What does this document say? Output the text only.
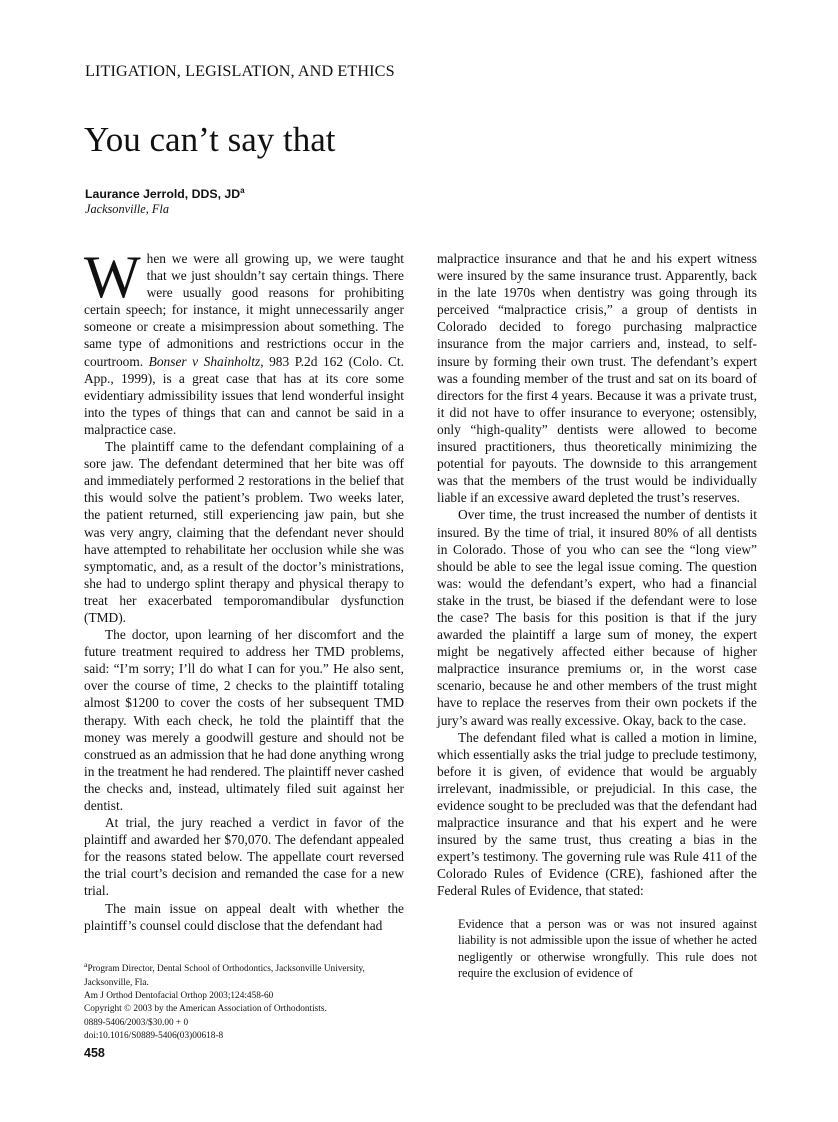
LITIGATION, LEGISLATION, AND ETHICS
You can’t say that
Laurance Jerrold, DDS, $JD^a$
Jacksonville, Fla

When we were all growing up, we were taught that we just shouldn’t say certain things. There were usually good reasons for prohibiting certain speech; for instance, it might unnecessarily anger someone or create a misimpression about something. The same type of admonitions and restrictions occur in the courtroom. Bonser v Shainholtz, 983 P.2d 162 (Colo. Ct. App., 1999), is a great case that has at its core some evidentiary admissibility issues that lend wonderful insight into the types of things that can and cannot be said in a malpractice case.

The plaintiff came to the defendant complaining of a sore jaw. The defendant determined that her bite was off and immediately performed 2 restorations in the belief that this would solve the patient’s problem. Two weeks later, the patient returned, still experiencing jaw pain, but she was very angry, claiming that the defendant never should have attempted to rehabilitate her occlusion while she was symptomatic, and, as a result of the doctor’s ministrations, she had to undergo splint therapy and physical therapy to treat her exacerbated temporomandibular dysfunction (TMD).

The doctor, upon learning of her discomfort and the future treatment required to address her TMD problems, said: “I’m sorry; I’ll do what I can for you.” He also sent, over the course of time, 2 checks to the plaintiff totaling almost $1200 to cover the costs of her subsequent TMD therapy. With each check, he told the plaintiff that the money was merely a goodwill gesture and should not be construed as an admission that he had done anything wrong in the treatment he had rendered. The plaintiff never cashed the checks and, instead, ultimately filed suit against her dentist.

At trial, the jury reached a verdict in favor of the plaintiff and awarded her $70,070. The defendant appealed for the reasons stated below. The appellate court reversed the trial court’s decision and remanded the case for a new trial.

The main issue on appeal dealt with whether the plaintiff’s counsel could disclose that the defendant had

malpractice insurance and that he and his expert witness were insured by the same insurance trust. Apparently, back in the late 1970s when dentistry was going through its perceived “malpractice crisis,” a group of dentists in Colorado decided to forego purchasing malpractice insurance from the major carriers and, instead, to self-insure by forming their own trust. The defendant’s expert was a founding member of the trust and sat on its board of directors for the first 4 years. Because it was a private trust, it did not have to offer insurance to everyone; ostensibly, only “high-quality” dentists were allowed to become insured practitioners, thus theoretically minimizing the potential for payouts. The downside to this arrangement was that the members of the trust would be individually liable if an excessive award depleted the trust’s reserves.

Over time, the trust increased the number of dentists it insured. By the time of trial, it insured 80% of all dentists in Colorado. Those of you who can see the “long view” should be able to see the legal issue coming. The question was: would the defendant’s expert, who had a financial stake in the trust, be biased if the defendant were to lose the case? The basis for this position is that if the jury awarded the plaintiff a large sum of money, the expert might be negatively affected either because of higher malpractice insurance premiums or, in the worst case scenario, because he and other members of the trust might have to replace the reserves from their own pockets if the jury’s award was really excessive. Okay, back to the case.

The defendant filed what is called a motion in limine, which essentially asks the trial judge to preclude testimony, before it is given, of evidence that would be arguably irrelevant, inadmissible, or prejudicial. In this case, the evidence sought to be precluded was that the defendant had malpractice insurance and that his expert and he were insured by the same trust, thus creating a bias in the expert’s testimony. The governing rule was Rule 411 of the Colorado Rules of Evidence (CRE), fashioned after the Federal Rules of Evidence, that stated:

Evidence that a person was or was not insured against liability is not admissible upon the issue of whether he acted negligently or otherwise wrongfully. This rule does not require the exclusion of evidence of
$^a$Program Director, Dental School of Orthodontics, Jacksonville University,
Jacksonville, Fla.
Am J Orthod Dentofacial Orthop 2003;124:458-60
Copyright © 2003 by the American Association of Orthodontists.
0889-5406/2003/$30.00 + 0
doi:10.1016/S0889-5406(03)00618-8
458
